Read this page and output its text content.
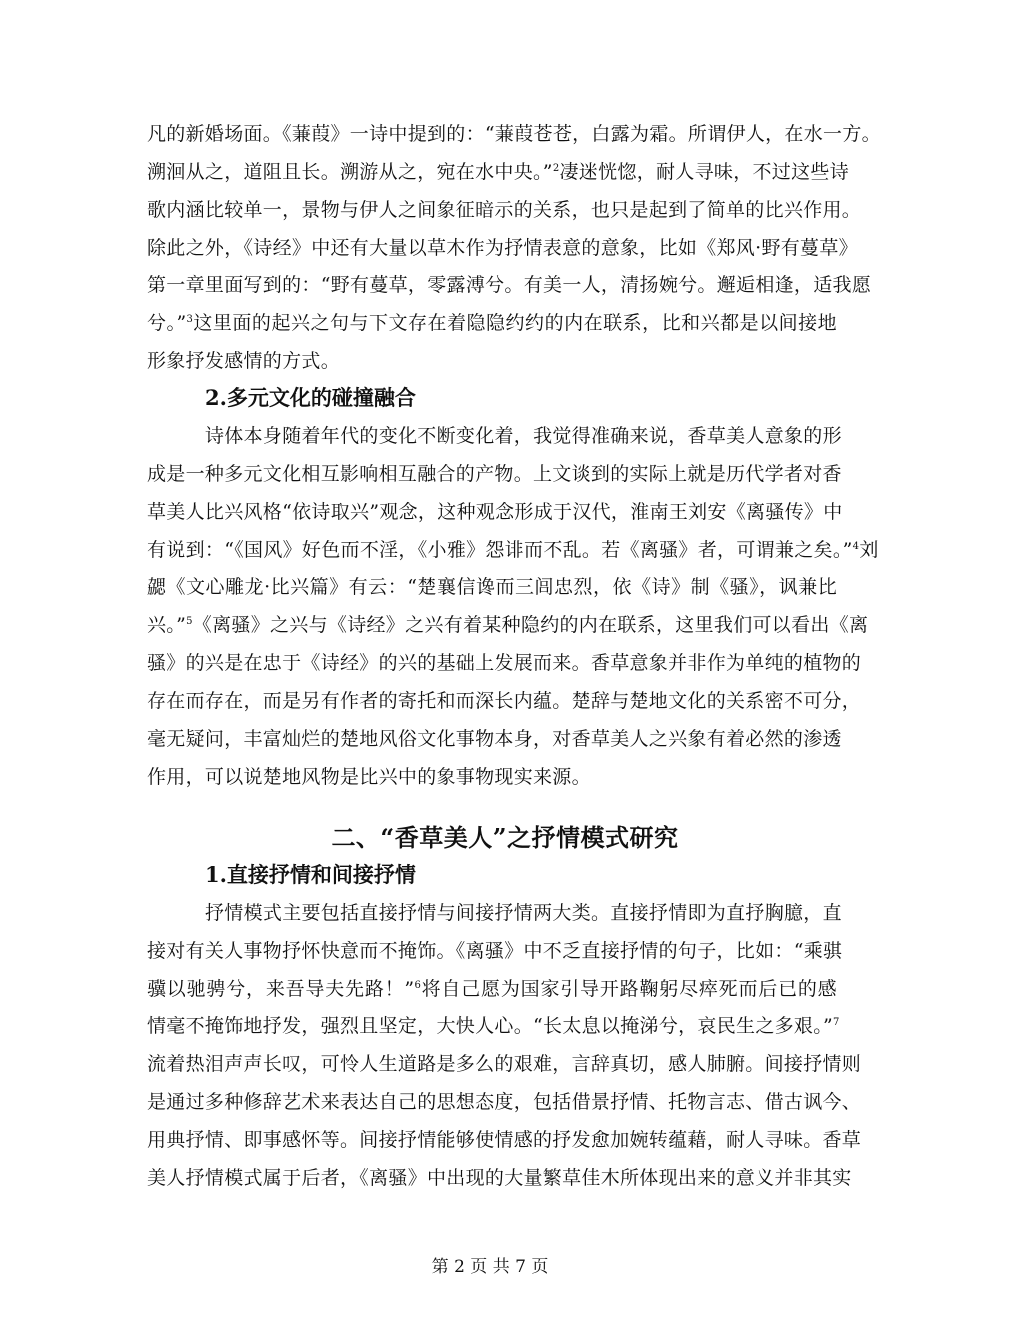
凡的新婚场面。《蒹葭》一诗中提到的：“蒹葭苍苍，白露为霜。所谓伊人，在水一方。
溯洄从之，道阻且长。溯游从之，宛在水中央。”$^2$凄迷恍惚，耐人寻味，不过这些诗
歌内涵比较单一，景物与伊人之间象征暗示的关系，也只是起到了简单的比兴作用。
除此之外，《诗经》中还有大量以草木作为抒情表意的意象，比如《郑风·野有蔓草》
第一章里面写到的：“野有蔓草，零露溥兮。有美一人，清扬婉兮。邂逅相逢，适我愿
兮。”$^3$这里面的起兴之句与下文存在着隐隐约约的内在联系，比和兴都是以间接地
形象抒发感情的方式。
2.多元文化的碰撞融合
诗体本身随着年代的变化不断变化着，我觉得准确来说，香草美人意象的形
成是一种多元文化相互影响相互融合的产物。上文谈到的实际上就是历代学者对香
草美人比兴风格“依诗取兴”观念，这种观念形成于汉代，淮南王刘安《离骚传》中
有说到：“《国风》好色而不淫，《小雅》怨诽而不乱。若《离骚》者，可谓兼之矣。”$^4$刘
勰《文心雕龙·比兴篇》有云：“楚襄信谗而三闾忠烈，依《诗》制《骚》，讽兼比
兴。”$^5$《离骚》之兴与《诗经》之兴有着某种隐约的内在联系，这里我们可以看出《离
骚》的兴是在忠于《诗经》的兴的基础上发展而来。香草意象并非作为单纯的植物的
存在而存在，而是另有作者的寄托和而深长内蕴。楚辞与楚地文化的关系密不可分，
毫无疑问，丰富灿烂的楚地风俗文化事物本身，对香草美人之兴象有着必然的渗透
作用，可以说楚地风物是比兴中的象事物现实来源。
二、“香草美人”之抒情模式研究
1.直接抒情和间接抒情
抒情模式主要包括直接抒情与间接抒情两大类。直接抒情即为直抒胸臆，直
接对有关人事物抒怀快意而不掩饰。《离骚》中不乏直接抒情的句子，比如：“乘骐
骥以驰骋兮，来吾导夫先路！”$^6$将自己愿为国家引导开路鞠躬尽瘁死而后已的感
情毫不掩饰地抒发，强烈且坚定，大快人心。“长太息以掩涕兮，哀民生之多艰。”$^7$
流着热泪声声长叹，可怜人生道路是多么的艰难，言辞真切，感人肺腑。间接抒情则
是通过多种修辞艺术来表达自己的思想态度，包括借景抒情、托物言志、借古讽今、
用典抒情、即事感怀等。间接抒情能够使情感的抒发愈加婉转蕴藉，耐人寻味。香草
美人抒情模式属于后者，《离骚》中出现的大量繁草佳木所体现出来的意义并非其实
第 2 页 共 7 页
